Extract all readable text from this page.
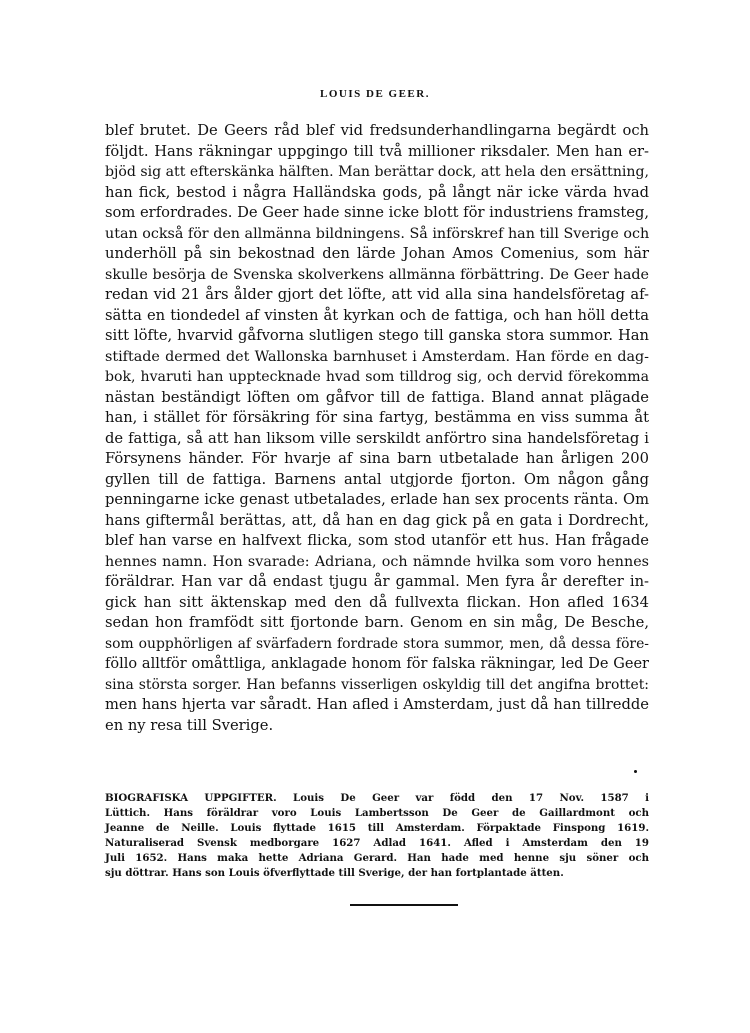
LOUIS DE GEER.
blef brutet. De Geers råd blef vid fredsunderhandlingarna begärdt och
följdt. Hans räkningar uppgingo till två millioner riksdaler. Men han er-
bjöd sig att efterskänka hälften. Man berättar dock, att hela den ersättning,
han fick, bestod i några Halländska gods, på långt när icke värda hvad
som erfordrades. De Geer hade sinne icke blott för industriens framsteg,
utan också för den allmänna bildningens. Så införskref han till Sverige och
underhöll på sin bekostnad den lärde Johan Amos Comenius, som här
skulle besörja de Svenska skolverkens allmänna förbättring. De Geer hade
redan vid 21 års ålder gjort det löfte, att vid alla sina handelsföretag af-
sätta en tiondedel af vinsten åt kyrkan och de fattiga, och han höll detta
sitt löfte, hvarvid gåfvorna slutligen stego till ganska stora summor. Han
stiftade dermed det Wallonska barnhuset i Amsterdam. Han förde en dag-
bok, hvaruti han upptecknade hvad som tilldrog sig, och dervid förekomma
nästan beständigt löften om gåfvor till de fattiga. Bland annat plägade
han, i stället för försäkring för sina fartyg, bestämma en viss summa åt
de fattiga, så att han liksom ville serskildt anförtro sina handelsföretag i
Försynens händer. För hvarje af sina barn utbetalade han årligen 200
gyllen till de fattiga. Barnens antal utgjorde fjorton. Om någon gång
penningarne icke genast utbetalades, erlade han sex procents ränta. Om
hans giftermål berättas, att, då han en dag gick på en gata i Dordrecht,
blef han varse en halfvext flicka, som stod utanför ett hus. Han frågade
hennes namn. Hon svarade: Adriana, och nämnde hvilka som voro hennes
föräldrar. Han var då endast tjugu år gammal. Men fyra år derefter in-
gick han sitt äktenskap med den då fullvexta flickan. Hon afled 1634
sedan hon framfödt sitt fjortonde barn. Genom en sin måg, De Besche,
som oupphörligen af svärfadern fordrade stora summor, men, då dessa före-
föllo alltför omåttliga, anklagade honom för falska räkningar, led De Geer
sina största sorger. Han befanns visserligen oskyldig till det angifna brottet:
men hans hjerta var såradt. Han afled i Amsterdam, just då han tillredde
en ny resa till Sverige.
BIOGRAFISKA UPPGIFTER. Louis De Geer var född den 17 Nov. 1587 i
Lüttich. Hans föräldrar voro Louis Lambertsson De Geer de Gaillardmont och
Jeanne de Neille. Louis flyttade 1615 till Amsterdam. Förpaktade Finspong 1619.
Naturaliserad Svensk medborgare 1627 Adlad 1641. Afled i Amsterdam den 19
Juli 1652. Hans maka hette Adriana Gerard. Han hade med henne sju söner och
sju döttrar. Hans son Louis öfverflyttade till Sverige, der han fortplantade ätten.
